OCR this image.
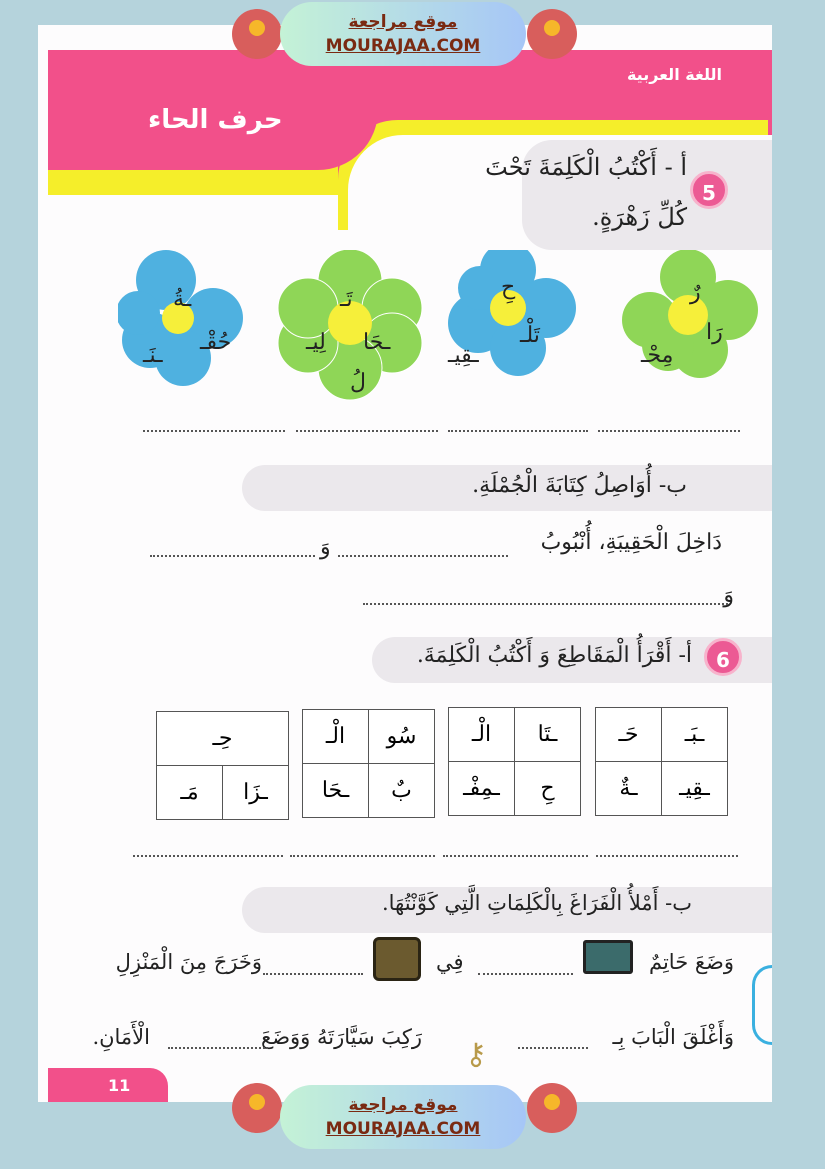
اللغة العربية
حرف الحاء
5
أ - أَكْتُبُ الْكَلِمَةَ تَحْتَ
كُلِّ زَهْرَةٍ.
رٌ
رَا
مِحْـ
حِ
تَلْـ
ـقِيـ
تَـ
ـحَا
لِيـ
لُ
ـةُ
حُقْـ
ـنَـ
ب- أُوَاصِلُ كِتَابَةَ الْجُمْلَةِ.
دَاخِلَ الْحَقِيبَةِ، أُنْبُوبُ
وَ
وَ
6
أ- أَقْرَأُ الْمَقَاطِعَ وَ أَكْتُبُ الْكَلِمَةَ.
حَـ	ـبَـ
ـةٌ	ـقِيـ
الْـ	ـتَا
ـمِفْـ	حِ
الْـ	سُو
ـحَا	بٌ
حِـ
مَـ	ـزَا
ب- أَمْلأُ الْفَرَاغَ بِالْكَلِمَاتِ الَّتِي كَوَّنْتُهَا.
وَضَعَ حَاتِمٌ
فِي
وَخَرَجَ مِنَ الْمَنْزِلِ
وَأَغْلَقَ الْبَابَ بِـ
⚷
رَكِبَ سَيَّارَتَهُ وَوَضَعَ
الْأَمَانِ.
11
موقع مراجعة
MOURAJAA.COM
موقع مراجعة
MOURAJAA.COM
